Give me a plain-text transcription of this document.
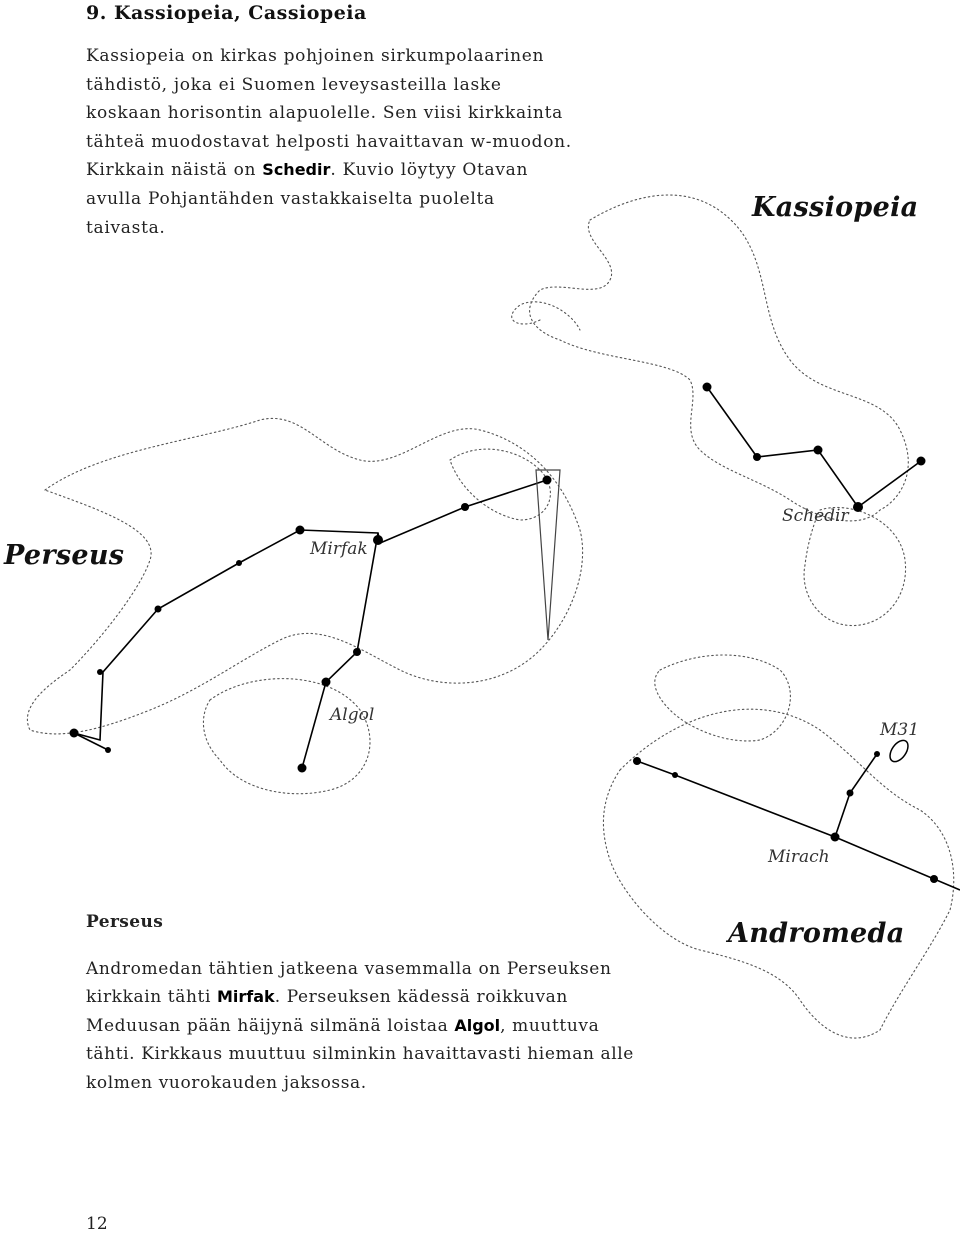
9. Kassiopeia, Cassiopeia

Kassiopeia on kirkas pohjoinen sirkumpolaarinen tähdistö, joka ei Suomen leveysasteilla laske koskaan horisontin alapuolelle. Sen viisi kirkkainta tähteä muodostavat helposti havaittavan w-muodon. Kirkkain näistä on Schedir. Kuvio löytyy Otavan avulla Pohjantähden vastakkaiselta puolelta taivasta.

Kassiopeia
Perseus
Andromeda
Schedir
Mirfak
Algol
M31
Mirach
Perseus

Andromedan tähtien jatkeena vasemmalla on Perseuksen kirkkain tähti Mirfak. Perseuksen kädessä roikkuvan Meduusan pään häijynä silmänä loistaa Algol, muuttuva tähti. Kirkkaus muuttuu silminkin havaittavasti hieman alle kolmen vuorokauden jaksossa.

12
